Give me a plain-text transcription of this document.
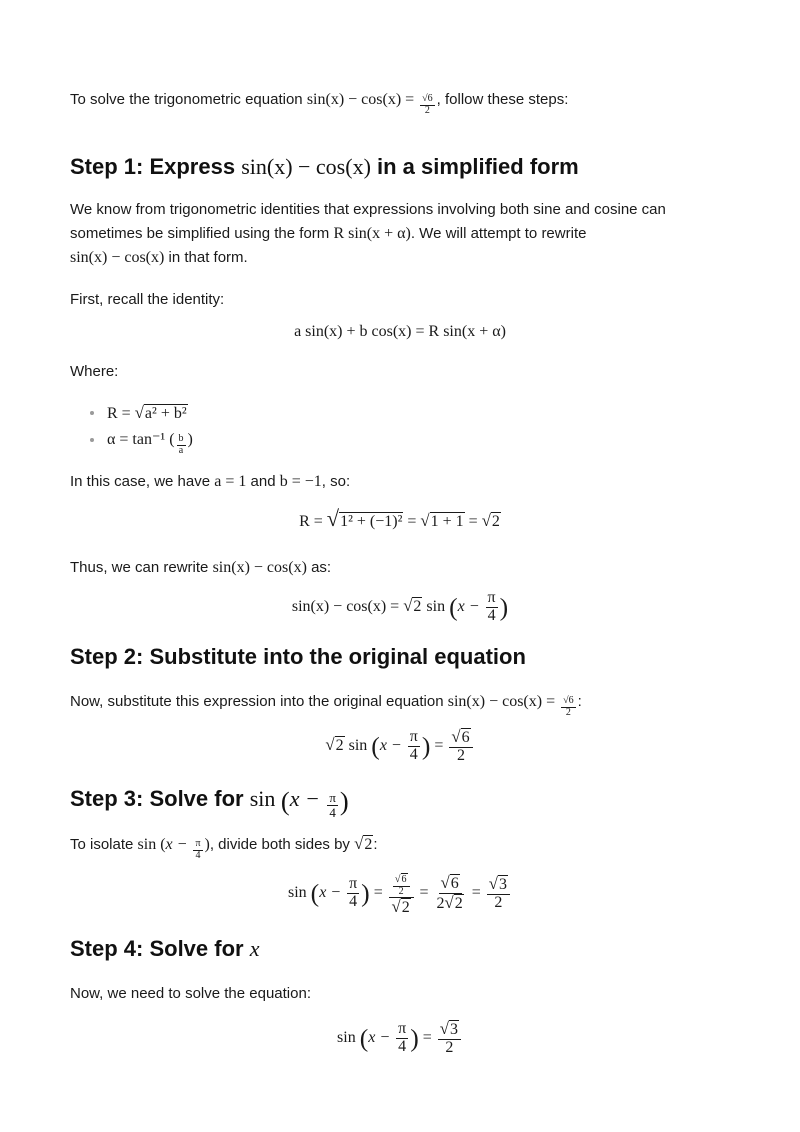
To solve the trigonometric equation $\sin(x) - \cos(x) = \frac{√6}{2}$ , follow these steps:
Step 1: Express sin(x) − cos(x) in a simplified form
We know from trigonometric identities that expressions involving both sine and cosine can sometimes be simplified using the form R sin(x + α). We will attempt to rewrite
sin(x) − cos(x) in that form.
First, recall the identity:
a sin(x) + b cos(x) = R sin(x + α)
Where:
R = √a² + b²
α = tan⁻¹ ( $\frac{b}{a}$ )
In this case, we have a = 1 and b = −1, so:
R = √1² + (−1)² = √1 + 1 = √2
Thus, we can rewrite sin(x) − cos(x) as:
sin(x) − cos(x) = √2 $\sin (x - \frac{\pi}{4}$ )
Step 2: Substitute into the original equation
Now, substitute this expression into the original equation $\sin(x) - \cos(x) = \frac{√6}{2}$ :
√2 $\sin (x - \frac{\pi}{4}$ ) = $\frac{√6}{2}$
Step 3: Solve for $\sin (x - \frac{\pi}{4}$ )
To isolate $\sin (x - \frac{\pi}{4}$ ), divide both sides by √2:
$\sin (x - \frac{\pi}{4}$ ) = $\frac{\frac{√6}{2}}{√2} = \frac{√6}{2√2} = \frac{√3}{2}$
Step 4: Solve for x
Now, we need to solve the equation:
$\sin (x - \frac{\pi}{4}$ ) = $\frac{√3}{2}$
